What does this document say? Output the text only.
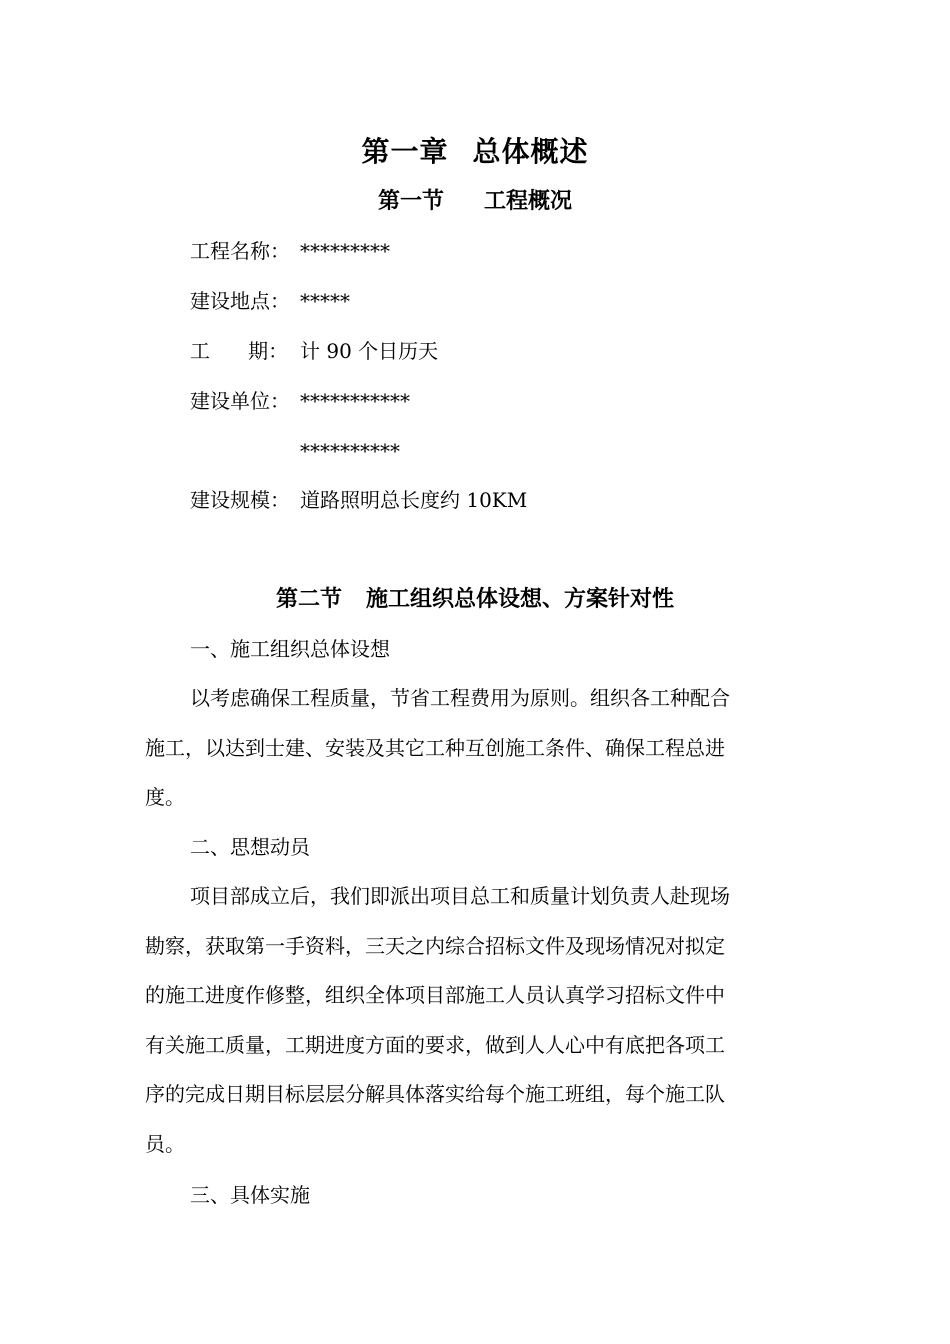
第一章 总体概述
第一节 工程概况
工程名称： *********
建设地点： *****
工      期： 计 90 个日历天
建设单位： ***********
**********
建设规模： 道路照明总长度约 10KM
第二节 施工组织总体设想、方案针对性
一、施工组织总体设想
以考虑确保工程质量，节省工程费用为原则。组织各工种配合
施工，以达到士建、安装及其它工种互创施工条件、确保工程总进
度。
二、思想动员
项目部成立后，我们即派出项目总工和质量计划负责人赴现场
勘察，获取第一手资料，三天之内综合招标文件及现场情况对拟定
的施工进度作修整，组织全体项目部施工人员认真学习招标文件中
有关施工质量，工期进度方面的要求，做到人人心中有底把各项工
序的完成日期目标层层分解具体落实给每个施工班组，每个施工队
员。
三、具体实施
